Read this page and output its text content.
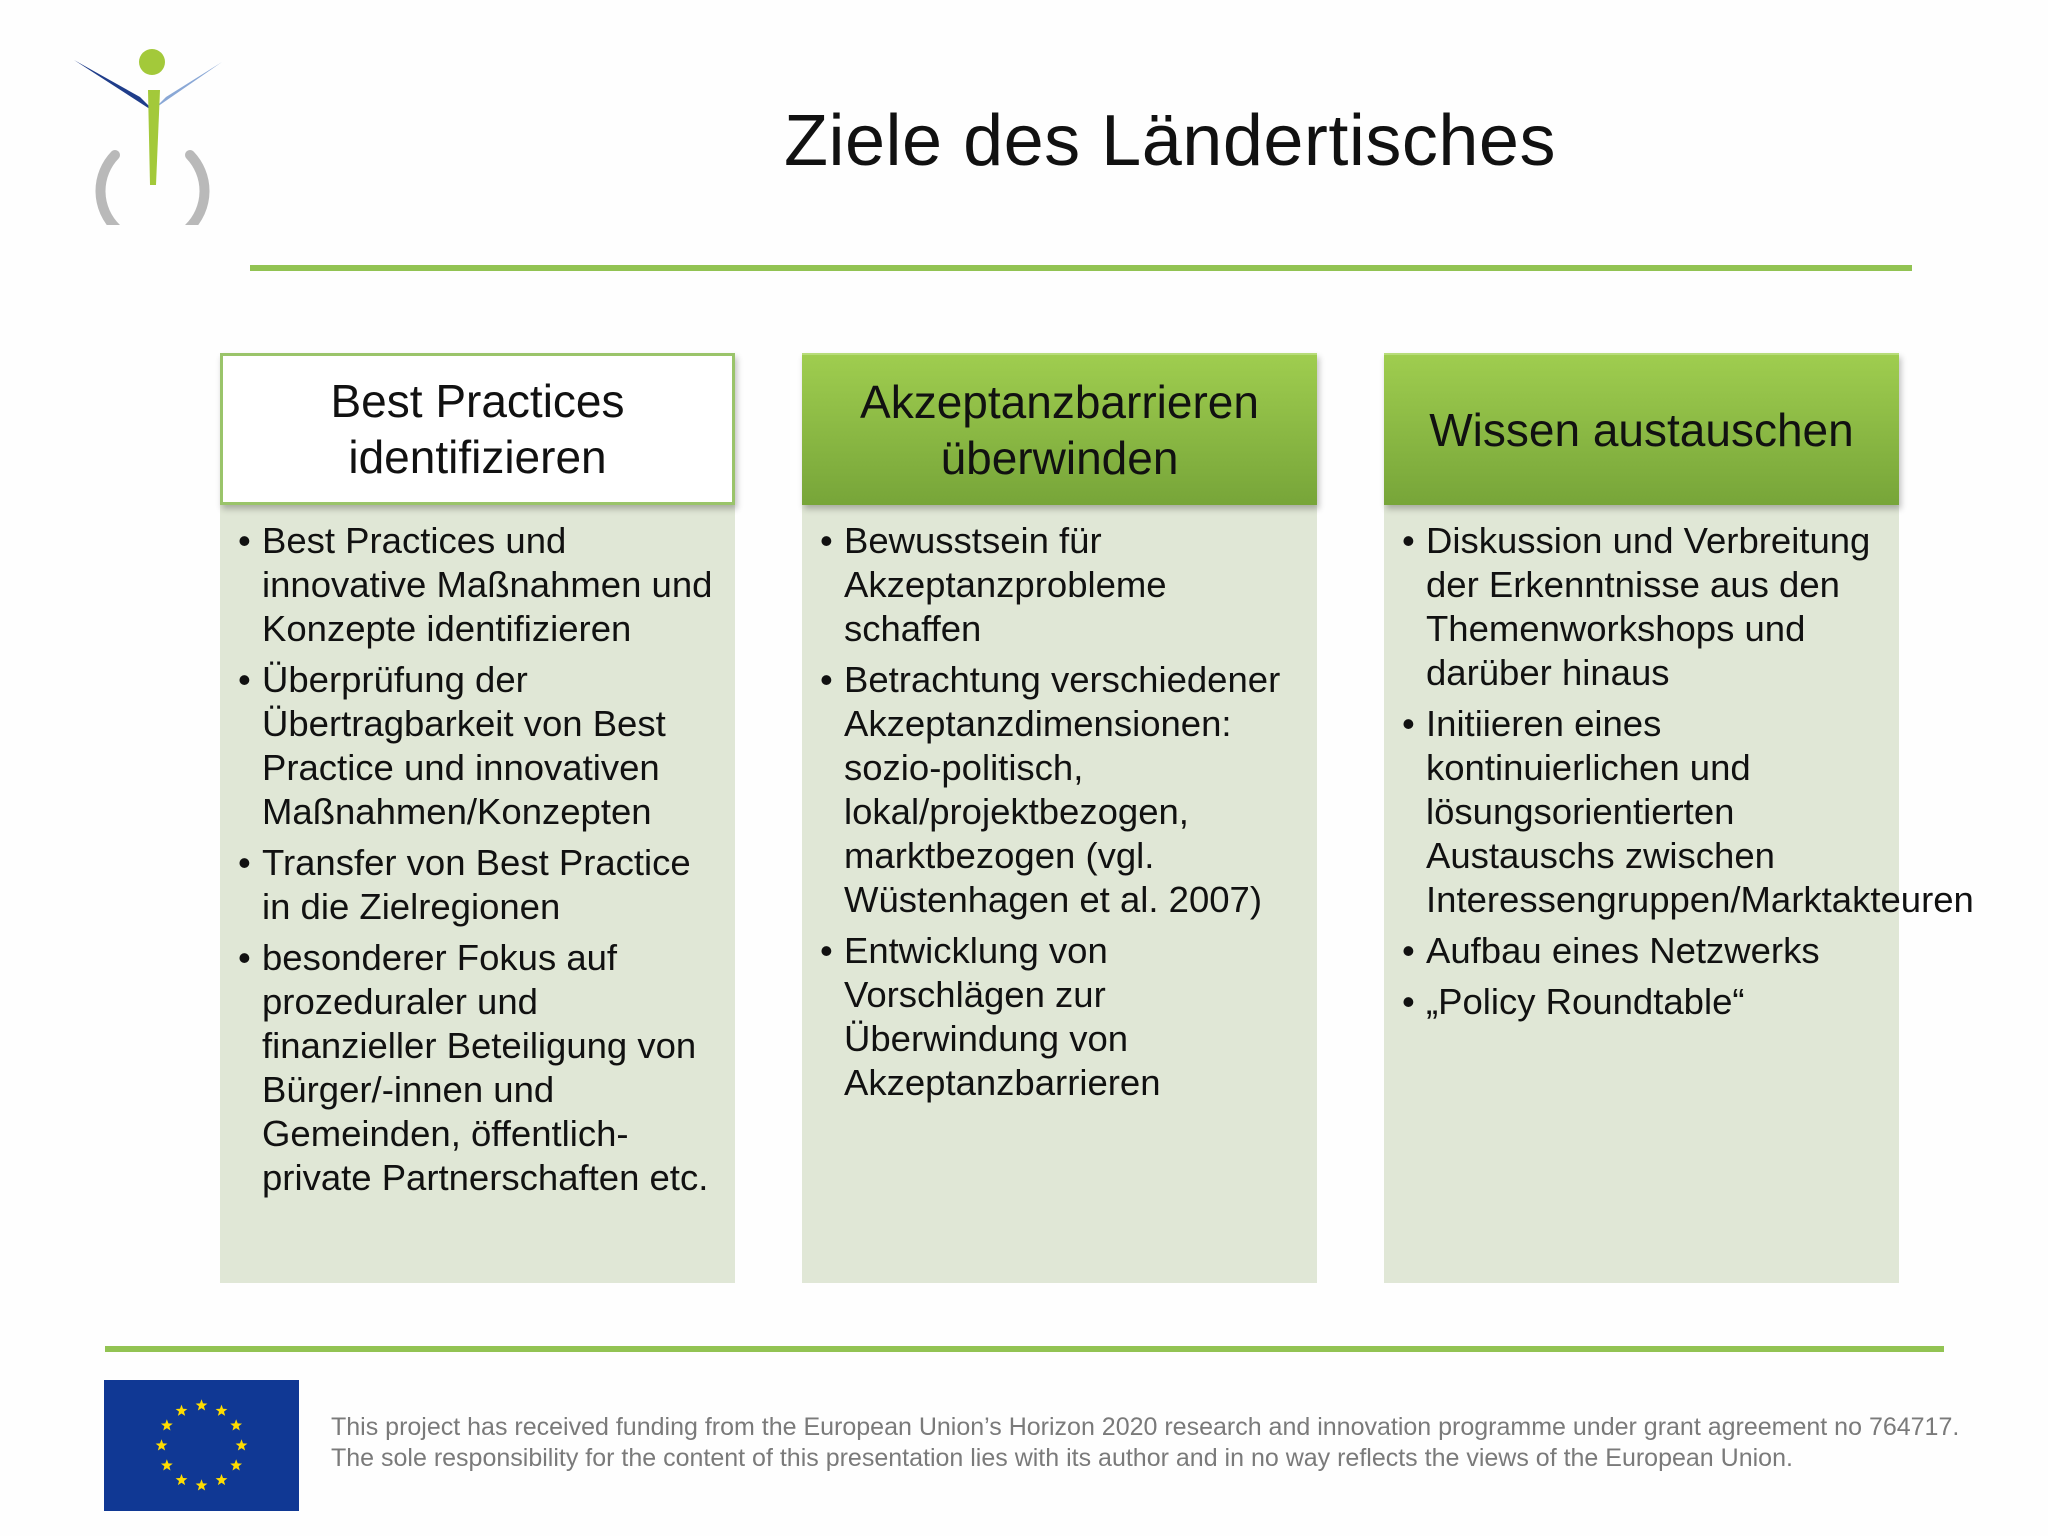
Ziele des Ländertisches
Best Practices
identifizieren
• Best Practices und innovative Maßnahmen und Konzepte identifizieren
• Überprüfung der Übertragbarkeit von Best Practice und innovativen Maßnahmen/Konzepten
• Transfer von Best Practice in die Zielregionen
• besonderer Fokus auf prozeduraler und finanzieller Beteiligung von Bürger/-innen und Gemeinden, öffentlich-private Partnerschaften etc.
Akzeptanzbarrieren
überwinden
• Bewusstsein für Akzeptanzprobleme schaffen
• Betrachtung verschiedener Akzeptanzdimensionen: sozio-politisch, lokal/projektbezogen, marktbezogen (vgl. Wüstenhagen et al. 2007)
• Entwicklung von Vorschlägen zur Überwindung von Akzeptanzbarrieren
Wissen austauschen
• Diskussion und Verbreitung der Erkenntnisse aus den Themenworkshops und darüber hinaus
• Initiieren eines kontinuierlichen und lösungsorientierten Austauschs zwischen Interessengruppen/Marktakteuren
• Aufbau eines Netzwerks
• „Policy Roundtable“
This project has received funding from the European Union’s Horizon 2020 research and innovation programme under grant agreement no 764717. The sole responsibility for the content of this presentation lies with its author and in no way reflects the views of the European Union.
